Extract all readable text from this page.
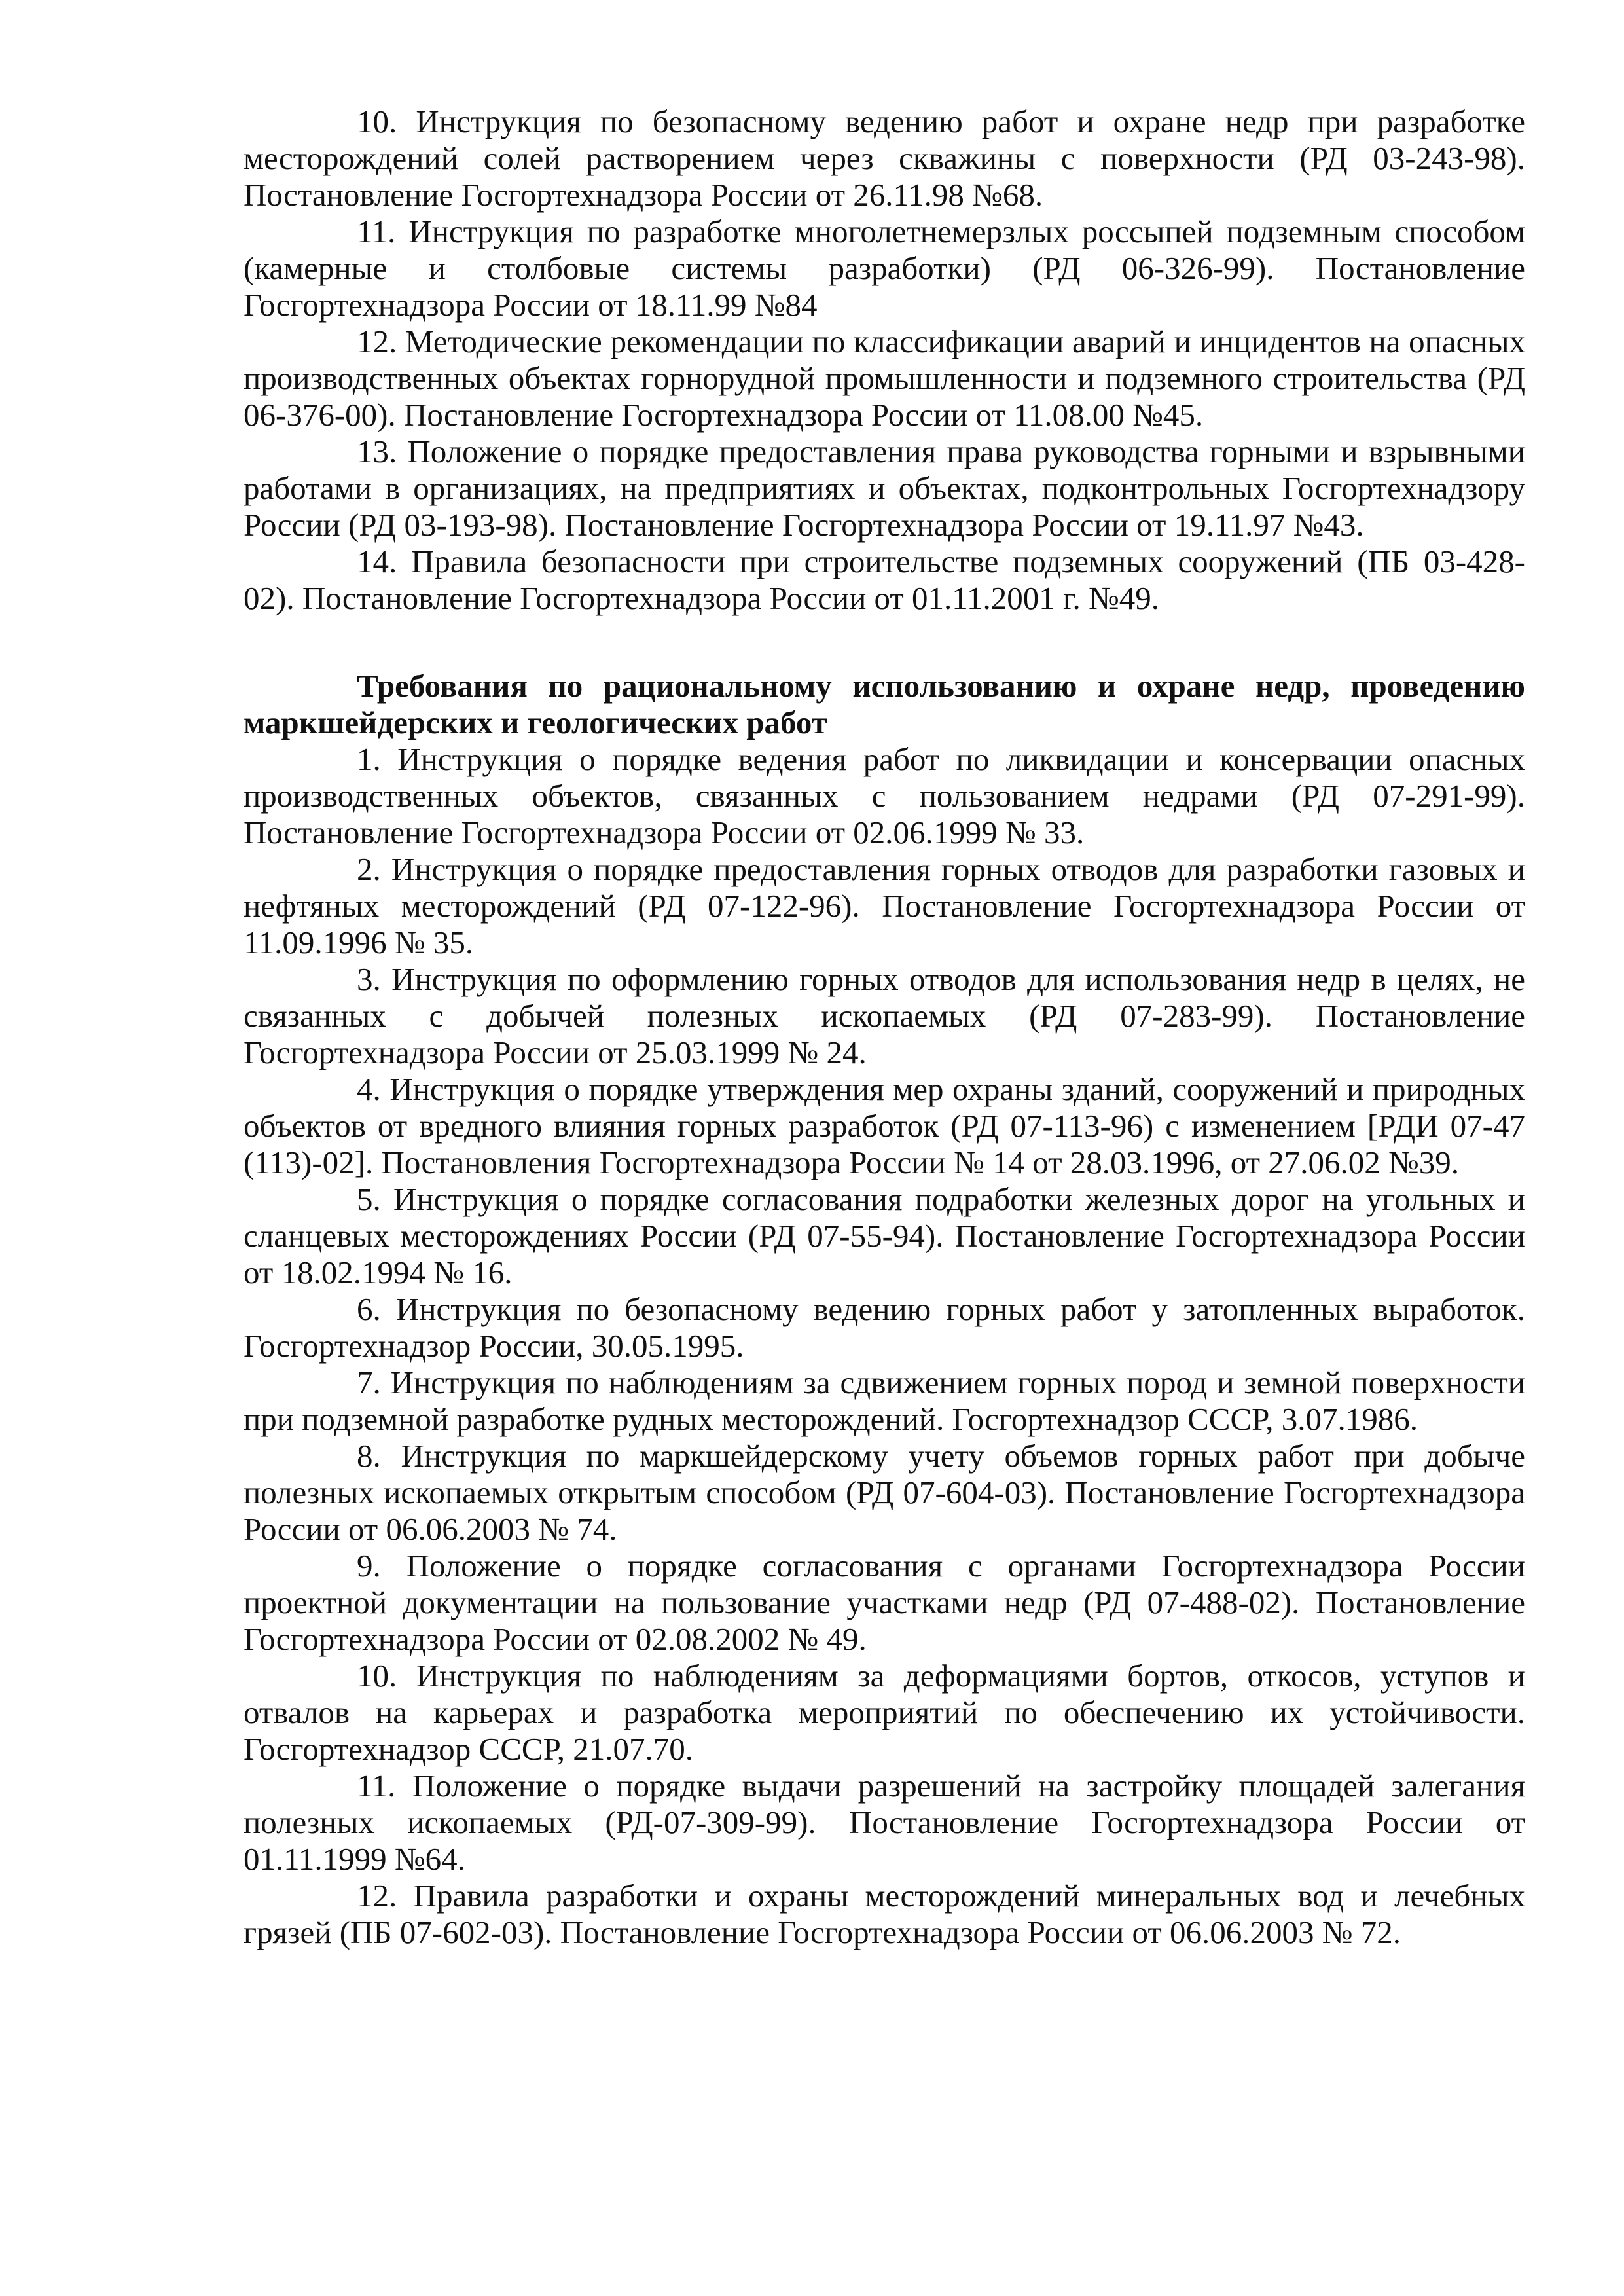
10. Инструкция по безопасному ведению работ и охране недр при разработке месторождений солей растворением через скважины с поверхности (РД 03-243-98). Постановление Госгортехнадзора России от 26.11.98 №68.

11. Инструкция по разработке многолетнемерзлых россыпей подземным способом (камерные и столбовые системы разработки) (РД 06-326-99). Постановление Госгортехнадзора России от 18.11.99 №84

12. Методические рекомендации по классификации аварий и инцидентов на опасных производственных объектах горнорудной промышленности и подземного строительства (РД 06-376-00). Постановление Госгортехнадзора России от 11.08.00 №45.

13. Положение о порядке предоставления права руководства горными и взрывными работами в организациях, на предприятиях и объектах, подконтрольных Госгортехнадзору России (РД 03-193-98). Постановление Госгортехнадзора России от 19.11.97 №43.

14. Правила безопасности при строительстве подземных сооружений (ПБ 03-428-02). Постановление Госгортехнадзора России от 01.11.2001 г. №49.

Требования по рациональному использованию и охране недр, проведению маркшейдерских и геологических работ

1. Инструкция о порядке ведения работ по ликвидации и консервации опасных производственных объектов, связанных с пользованием недрами (РД 07-291-99). Постановление Госгортехнадзора России от 02.06.1999 № 33.

2. Инструкция о порядке предоставления горных отводов для разработки газовых и нефтяных месторождений (РД 07-122-96). Постановление Госгортехнадзора России от 11.09.1996 № 35.

3. Инструкция по оформлению горных отводов для использования недр в целях, не связанных с добычей полезных ископаемых (РД 07-283-99). Постановление Госгортехнадзора России от 25.03.1999 № 24.

4. Инструкция о порядке утверждения мер охраны зданий, сооружений и природных объектов от вредного влияния горных разработок (РД 07-113-96) с изменением [РДИ 07-47 (113)-02]. Постановления Госгортехнадзора России № 14 от 28.03.1996, от 27.06.02 №39.

5. Инструкция о порядке согласования подработки железных дорог на угольных и сланцевых месторождениях России (РД 07-55-94). Постановление Госгортехнадзора России от 18.02.1994 № 16.

6. Инструкция по безопасному ведению горных работ у затопленных выработок. Госгортехнадзор России, 30.05.1995.

7. Инструкция по наблюдениям за сдвижением горных пород и земной поверхности при подземной разработке рудных месторождений. Госгортехнадзор СССР, 3.07.1986.

8. Инструкция по маркшейдерскому учету объемов горных работ при добыче полезных ископаемых открытым способом (РД 07-604-03). Постановление Госгортехнадзора России от 06.06.2003 № 74.

9. Положение о порядке согласования с органами Госгортехнадзора России проектной документации на пользование участками недр (РД 07-488-02). Постановление Госгортехнадзора России от 02.08.2002 № 49.

10. Инструкция по наблюдениям за деформациями бортов, откосов, уступов и отвалов на карьерах и разработка мероприятий по обеспечению их устойчивости. Госгортехнадзор СССР, 21.07.70.

11. Положение о порядке выдачи разрешений на застройку площадей залегания полезных ископаемых (РД-07-309-99). Постановление Госгортехнадзора России от 01.11.1999 №64.

12. Правила разработки и охраны месторождений минеральных вод и лечебных грязей (ПБ 07-602-03). Постановление Госгортехнадзора России от 06.06.2003 № 72.
